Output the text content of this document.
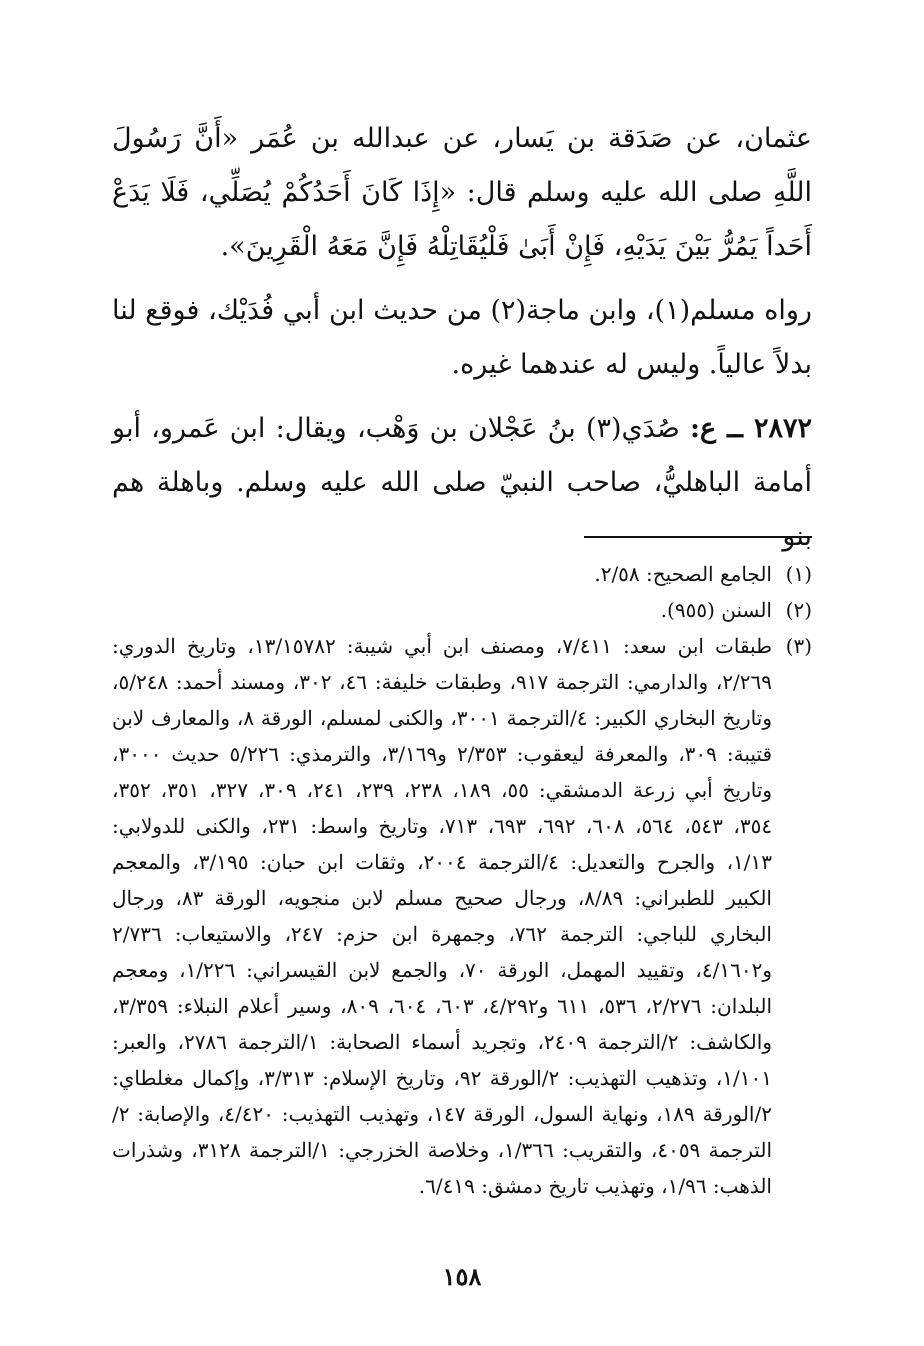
عثمان، عن صَدَقة بن يَسار، عن عبدالله بن عُمَر «أَنَّ رَسُولَ اللَّهِ صلى الله عليه وسلم قال: «إِذَا كَانَ أَحَدُكُمْ يُصَلِّي، فَلَا يَدَعْ أَحَداً يَمُرُّ بَيْنَ يَدَيْهِ، فَإِنْ أَبَىٰ فَلْيُقَاتِلْهُ فَإِنَّ مَعَهُ الْقَرِينَ».

رواه مسلم(١)، وابن ماجة(٢) من حديث ابن أبي فُدَيْك، فوقع لنا بدلاً عالياً. وليس له عندهما غيره.

٢٨٧٢ ــ ع: صُدَي(٣) بنُ عَجْلان بن وَهْب، ويقال: ابن عَمرو، أبو أمامة الباهليُّ، صاحب النبيّ صلى الله عليه وسلم. وباهلة هم بنو

(١)
الجامع الصحيح: ٢/٥٨.
(٢)
السنن (٩٥٥).
(٣)
طبقات ابن سعد: ٧/٤١١، ومصنف ابن أبي شيبة: ١٣/١٥٧٨٢، وتاريخ الدوري: ٢/٢٦٩، والدارمي: الترجمة ٩١٧، وطبقات خليفة: ٤٦، ٣٠٢، ومسند أحمد: ٥/٢٤٨، وتاريخ البخاري الكبير: ٤/الترجمة ٣٠٠١، والكنى لمسلم، الورقة ٨، والمعارف لابن قتيبة: ٣٠٩، والمعرفة ليعقوب: ٢/٣٥٣ و٣/١٦٩، والترمذي: ٥/٢٢٦ حديث ٣٠٠٠، وتاريخ أبي زرعة الدمشقي: ٥٥، ١٨٩، ٢٣٨، ٢٣٩، ٢٤١، ٣٠٩، ٣٢٧، ٣٥١، ٣٥٢، ٣٥٤، ٥٤٣، ٥٦٤، ٦٠٨، ٦٩٢، ٦٩٣، ٧١٣، وتاريخ واسط: ٢٣١، والكنى للدولابي: ١/١٣، والجرح والتعديل: ٤/الترجمة ٢٠٠٤، وثقات ابن حبان: ٣/١٩٥، والمعجم الكبير للطبراني: ٨/٨٩، ورجال صحيح مسلم لابن منجويه، الورقة ٨٣، ورجال البخاري للباجي: الترجمة ٧٦٢، وجمهرة ابن حزم: ٢٤٧، والاستيعاب: ٢/٧٣٦ و٤/١٦٠٢، وتقييد المهمل، الورقة ٧٠، والجمع لابن القيسراني: ١/٢٢٦، ومعجم البلدان: ٢/٢٧٦، ٥٣٦، ٦١١ و٤/٢٩٢، ٦٠٣، ٦٠٤، ٨٠٩، وسير أعلام النبلاء: ٣/٣٥٩، والكاشف: ٢/الترجمة ٢٤٠٩، وتجريد أسماء الصحابة: ١/الترجمة ٢٧٨٦، والعبر: ١/١٠١، وتذهيب التهذيب: ٢/الورقة ٩٢، وتاريخ الإسلام: ٣/٣١٣، وإكمال مغلطاي: ٢/الورقة ١٨٩، ونهاية السول، الورقة ١٤٧، وتهذيب التهذيب: ٤/٤٢٠، والإصابة: ٢/الترجمة ٤٠٥٩، والتقريب: ١/٣٦٦، وخلاصة الخزرجي: ١/الترجمة ٣١٢٨، وشذرات الذهب: ١/٩٦، وتهذيب تاريخ دمشق: ٦/٤١٩.
١٥٨
